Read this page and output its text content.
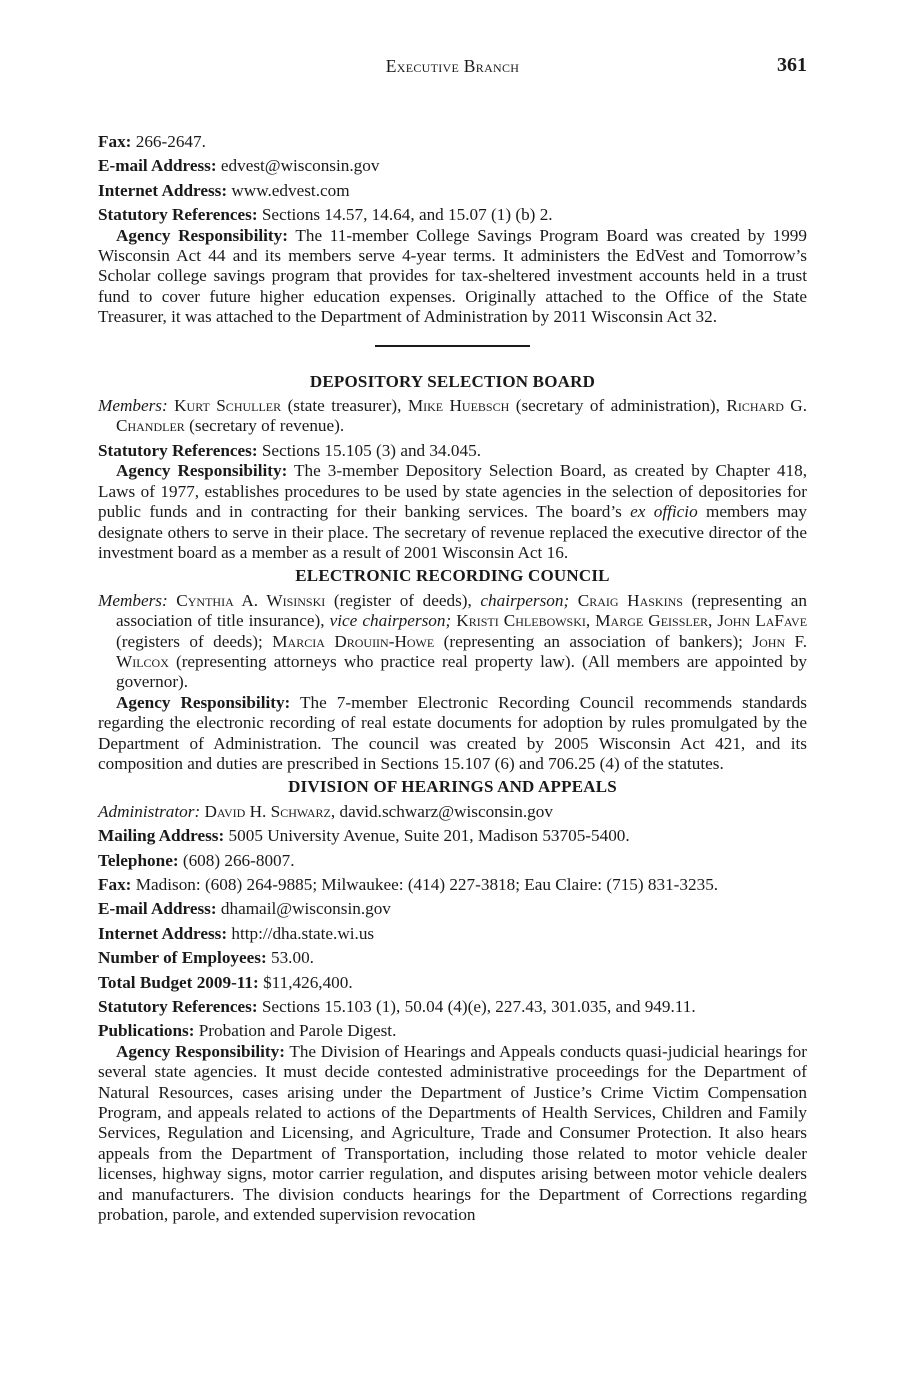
Executive Branch	361

Fax: 266-2647.

E-mail Address: edvest@wisconsin.gov

Internet Address: www.edvest.com

Statutory References: Sections 14.57, 14.64, and 15.07 (1) (b) 2.

Agency Responsibility: The 11-member College Savings Program Board was created by 1999 Wisconsin Act 44 and its members serve 4-year terms. It administers the EdVest and Tomorrow’s Scholar college savings program that provides for tax-sheltered investment accounts held in a trust fund to cover future higher education expenses. Originally attached to the Office of the State Treasurer, it was attached to the Department of Administration by 2011 Wisconsin Act 32.

DEPOSITORY SELECTION BOARD

Members: Kurt Schuller (state treasurer), Mike Huebsch (secretary of administration), Richard G. Chandler (secretary of revenue).

Statutory References: Sections 15.105 (3) and 34.045.

Agency Responsibility: The 3-member Depository Selection Board, as created by Chapter 418, Laws of 1977, establishes procedures to be used by state agencies in the selection of depositories for public funds and in contracting for their banking services. The board’s ex officio members may designate others to serve in their place. The secretary of revenue replaced the executive director of the investment board as a member as a result of 2001 Wisconsin Act 16.

ELECTRONIC RECORDING COUNCIL

Members: Cynthia A. Wisinski (register of deeds), chairperson; Craig Haskins (representing an association of title insurance), vice chairperson; Kristi Chlebowski, Marge Geissler, John LaFave (registers of deeds); Marcia Drouiin-Howe (representing an association of bankers); John F. Wilcox (representing attorneys who practice real property law). (All members are appointed by governor).

Agency Responsibility: The 7-member Electronic Recording Council recommends standards regarding the electronic recording of real estate documents for adoption by rules promulgated by the Department of Administration. The council was created by 2005 Wisconsin Act 421, and its composition and duties are prescribed in Sections 15.107 (6) and 706.25 (4) of the statutes.

DIVISION OF HEARINGS AND APPEALS

Administrator: David H. Schwarz, david.schwarz@wisconsin.gov

Mailing Address: 5005 University Avenue, Suite 201, Madison 53705-5400.

Telephone: (608) 266-8007.

Fax: Madison: (608) 264-9885; Milwaukee: (414) 227-3818; Eau Claire: (715) 831-3235.

E-mail Address: dhamail@wisconsin.gov

Internet Address: http://dha.state.wi.us

Number of Employees: 53.00.

Total Budget 2009-11: $11,426,400.

Statutory References: Sections 15.103 (1), 50.04 (4)(e), 227.43, 301.035, and 949.11.

Publications: Probation and Parole Digest.

Agency Responsibility: The Division of Hearings and Appeals conducts quasi-judicial hearings for several state agencies. It must decide contested administrative proceedings for the Department of Natural Resources, cases arising under the Department of Justice’s Crime Victim Compensation Program, and appeals related to actions of the Departments of Health Services, Children and Family Services, Regulation and Licensing, and Agriculture, Trade and Consumer Protection. It also hears appeals from the Department of Transportation, including those related to motor vehicle dealer licenses, highway signs, motor carrier regulation, and disputes arising between motor vehicle dealers and manufacturers. The division conducts hearings for the Department of Corrections regarding probation, parole, and extended supervision revocation
